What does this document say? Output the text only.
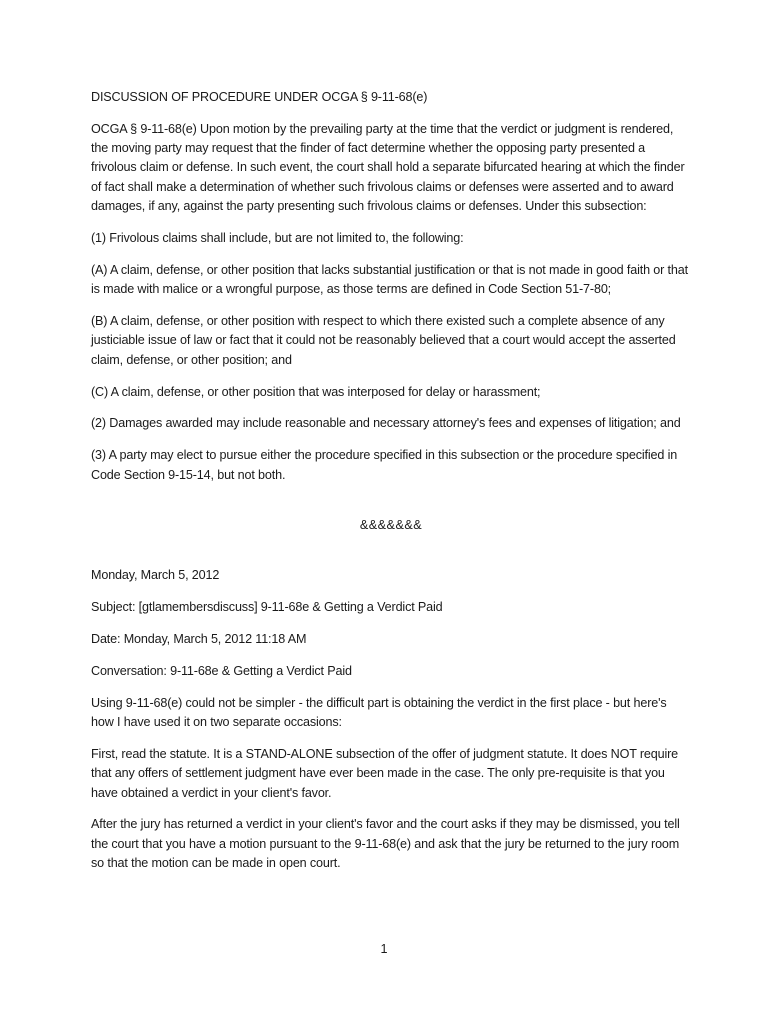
DISCUSSION OF PROCEDURE UNDER OCGA § 9-11-68(e)

OCGA § 9-11-68(e) Upon motion by the prevailing party at the time that the verdict or judgment is rendered, the moving party may request that the finder of fact determine whether the opposing party presented a frivolous claim or defense. In such event, the court shall hold a separate bifurcated hearing at which the finder of fact shall make a determination of whether such frivolous claims or defenses were asserted and to award damages, if any, against the party presenting such frivolous claims or defenses. Under this subsection:

(1) Frivolous claims shall include, but are not limited to, the following:

(A) A claim, defense, or other position that lacks substantial justification or that is not made in good faith or that is made with malice or a wrongful purpose, as those terms are defined in Code Section 51-7-80;

(B) A claim, defense, or other position with respect to which there existed such a complete absence of any justiciable issue of law or fact that it could not be reasonably believed that a court would accept the asserted claim, defense, or other position; and

(C) A claim, defense, or other position that was interposed for delay or harassment;

(2) Damages awarded may include reasonable and necessary attorney's fees and expenses of litigation; and

(3) A party may elect to pursue either the procedure specified in this subsection or the procedure specified in Code Section 9-15-14, but not both.

&&&&&&&

Monday, March 5, 2012

Subject: [gtlamembersdiscuss] 9-11-68e & Getting a Verdict Paid

Date: Monday, March 5, 2012 11:18 AM

Conversation: 9-11-68e & Getting a Verdict Paid

Using 9-11-68(e) could not be simpler - the difficult part is obtaining the verdict in the first place - but here's how I have used it on two separate occasions:

First, read the statute. It is a STAND-ALONE subsection of the offer of judgment statute. It does NOT require that any offers of settlement judgment have ever been made in the case. The only pre-requisite is that you have obtained a verdict in your client's favor.

After the jury has returned a verdict in your client's favor and the court asks if they may be dismissed, you tell the court that you have a motion pursuant to the 9-11-68(e) and ask that the jury be returned to the jury room so that the motion can be made in open court.

1
